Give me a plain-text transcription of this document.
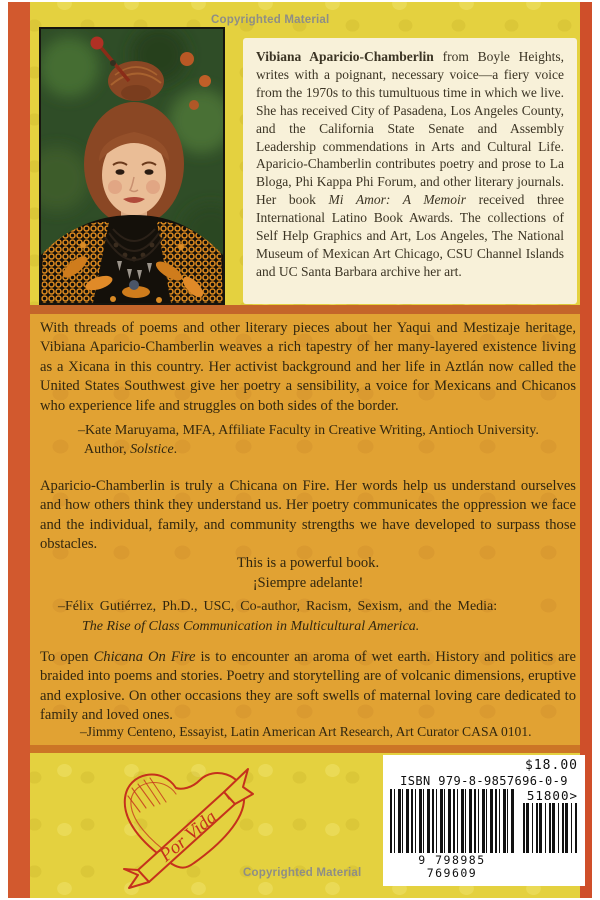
Copyrighted Material
Vibiana Aparicio-Chamberlin from Boyle Heights, writes with a poignant, necessary voice—a fiery voice from the 1970s to this tumultuous time in which we live. She has received City of Pasadena, Los Angeles County, and the California State Senate and Assembly Leadership commendations in Arts and Cultural Life. Aparicio-Chamberlin contributes poetry and prose to La Bloga, Phi Kappa Phi Forum, and other literary journals. Her book Mi Amor: A Memoir received three International Latino Book Awards. The collections of Self Help Graphics and Art, Los Angeles, The National Museum of Mexican Art Chicago, CSU Channel Islands and UC Santa Barbara archive her art.
With threads of poems and other literary pieces about her Yaqui and Mestizaje heritage, Vibiana Aparicio-Chamberlin weaves a rich tapestry of her many-layered existence living as a Xicana in this country. Her activist background and her life in Aztlán now called the United States Southwest give her poetry a sensibility, a voice for Mexicans and Chicanos who experience life and struggles on both sides of the border.
–Kate Maruyama, MFA, Affiliate Faculty in Creative Writing, Antioch University.
Author, Solstice.
Aparicio-Chamberlin is truly a Chicana on Fire. Her words help us understand ourselves and how others think they understand us. Her poetry communicates the oppression we face and the individual, family, and community strengths we have developed to surpass those obstacles.
This is a powerful book.
¡Siempre adelante!
–Félix Gutiérrez, Ph.D., USC, Co-author, Racism, Sexism, and the Media:
The Rise of Class Communication in Multicultural America.
To open Chicana On Fire is to encounter an aroma of wet earth. History and politics are braided into poems and stories. Poetry and storytelling are of volcanic dimensions, eruptive and explosive. On other occasions they are soft swells of maternal loving care dedicated to family and loved ones.
–Jimmy Centeno, Essayist, Latin American Art Research, Art Curator CASA 0101.
Por Vida
Copyrighted Material
$18.00
ISBN 979-8-9857696-0-9
9 798985 769609
51800>
